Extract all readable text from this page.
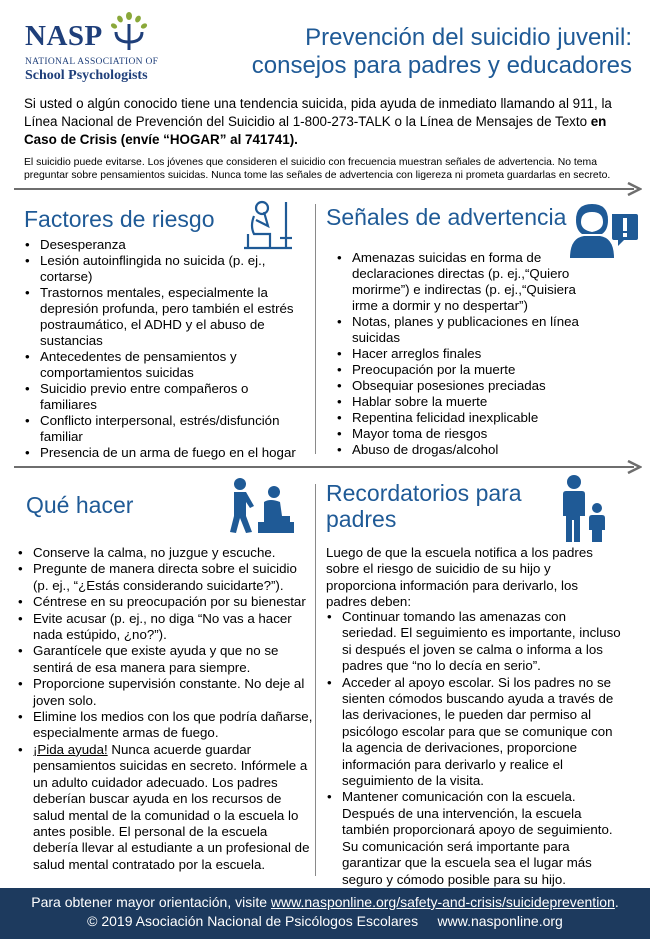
NASP
NATIONAL ASSOCIATION OF
School Psychologists
Prevención del suicidio juvenil:
consejos para padres y educadores
Si usted o algún conocido tiene una tendencia suicida, pida ayuda de inmediato llamando al 911, la Línea Nacional de Prevención del Suicidio al 1-800-273-TALK o la Línea de Mensajes de Texto en Caso de Crisis (envíe “HOGAR” al 741741).
El suicidio puede evitarse. Los jóvenes que consideren el suicidio con frecuencia muestran señales de advertencia. No tema preguntar sobre pensamientos suicidas. Nunca tome las señales de advertencia con ligereza ni prometa guardarlas en secreto.
Factores de riesgo
• Desesperanza
• Lesión autoinflingida no suicida (p. ej., cortarse)
• Trastornos mentales, especialmente la depresión profunda, pero también el estrés postraumático, el ADHD y el abuso de sustancias
• Antecedentes de pensamientos y comportamientos suicidas
• Suicidio previo entre compañeros o familiares
• Conflicto interpersonal, estrés/disfunción familiar
• Presencia de un arma de fuego en el hogar
Señales de advertencia
• Amenazas suicidas en forma de declaraciones directas (p. ej.,“Quiero morirme”) e indirectas (p. ej.,“Quisiera irme a dormir y no despertar”)
• Notas, planes y publicaciones en línea suicidas
• Hacer arreglos finales
• Preocupación por la muerte
• Obsequiar posesiones preciadas
• Hablar sobre la muerte
• Repentina felicidad inexplicable
• Mayor toma de riesgos
• Abuso de drogas/alcohol
Qué hacer
• Conserve la calma, no juzgue y escuche.
• Pregunte de manera directa sobre el suicidio (p. ej., “¿Estás considerando suicidarte?”).
• Céntrese en su preocupación por su bienestar
• Evite acusar (p. ej., no diga “No vas a hacer nada estúpido, ¿no?”).
• Garantícele que existe ayuda y que no se sentirá de esa manera para siempre.
• Proporcione supervisión constante. No deje al joven solo.
• Elimine los medios con los que podría dañarse, especialmente armas de fuego.
• ¡Pida ayuda! Nunca acuerde guardar pensamientos suicidas en secreto. Infórmele a un adulto cuidador adecuado. Los padres deberían buscar ayuda en los recursos de salud mental de la comunidad o la escuela lo antes posible. El personal de la escuela debería llevar al estudiante a un profesional de salud mental contratado por la escuela.
Recordatorios para
padres
Luego de que la escuela notifica a los padres sobre el riesgo de suicidio de su hijo y proporciona información para derivarlo, los padres deben:
• Continuar tomando las amenazas con seriedad. El seguimiento es importante, incluso si después el joven se calma o informa a los padres que “no lo decía en serio”.
• Acceder al apoyo escolar. Si los padres no se sienten cómodos buscando ayuda a través de las derivaciones, le pueden dar permiso al psicólogo escolar para que se comunique con la agencia de derivaciones, proporcione información para derivarlo y realice el seguimiento de la visita.
• Mantener comunicación con la escuela. Después de una intervención, la escuela también proporcionará apoyo de seguimiento. Su comunicación será importante para garantizar que la escuela sea el lugar más seguro y cómodo posible para su hijo.
Para obtener mayor orientación, visite www.nasponline.org/safety-and-crisis/suicideprevention.
© 2019 Asociación Nacional de Psicólogos Escolares     www.nasponline.org
